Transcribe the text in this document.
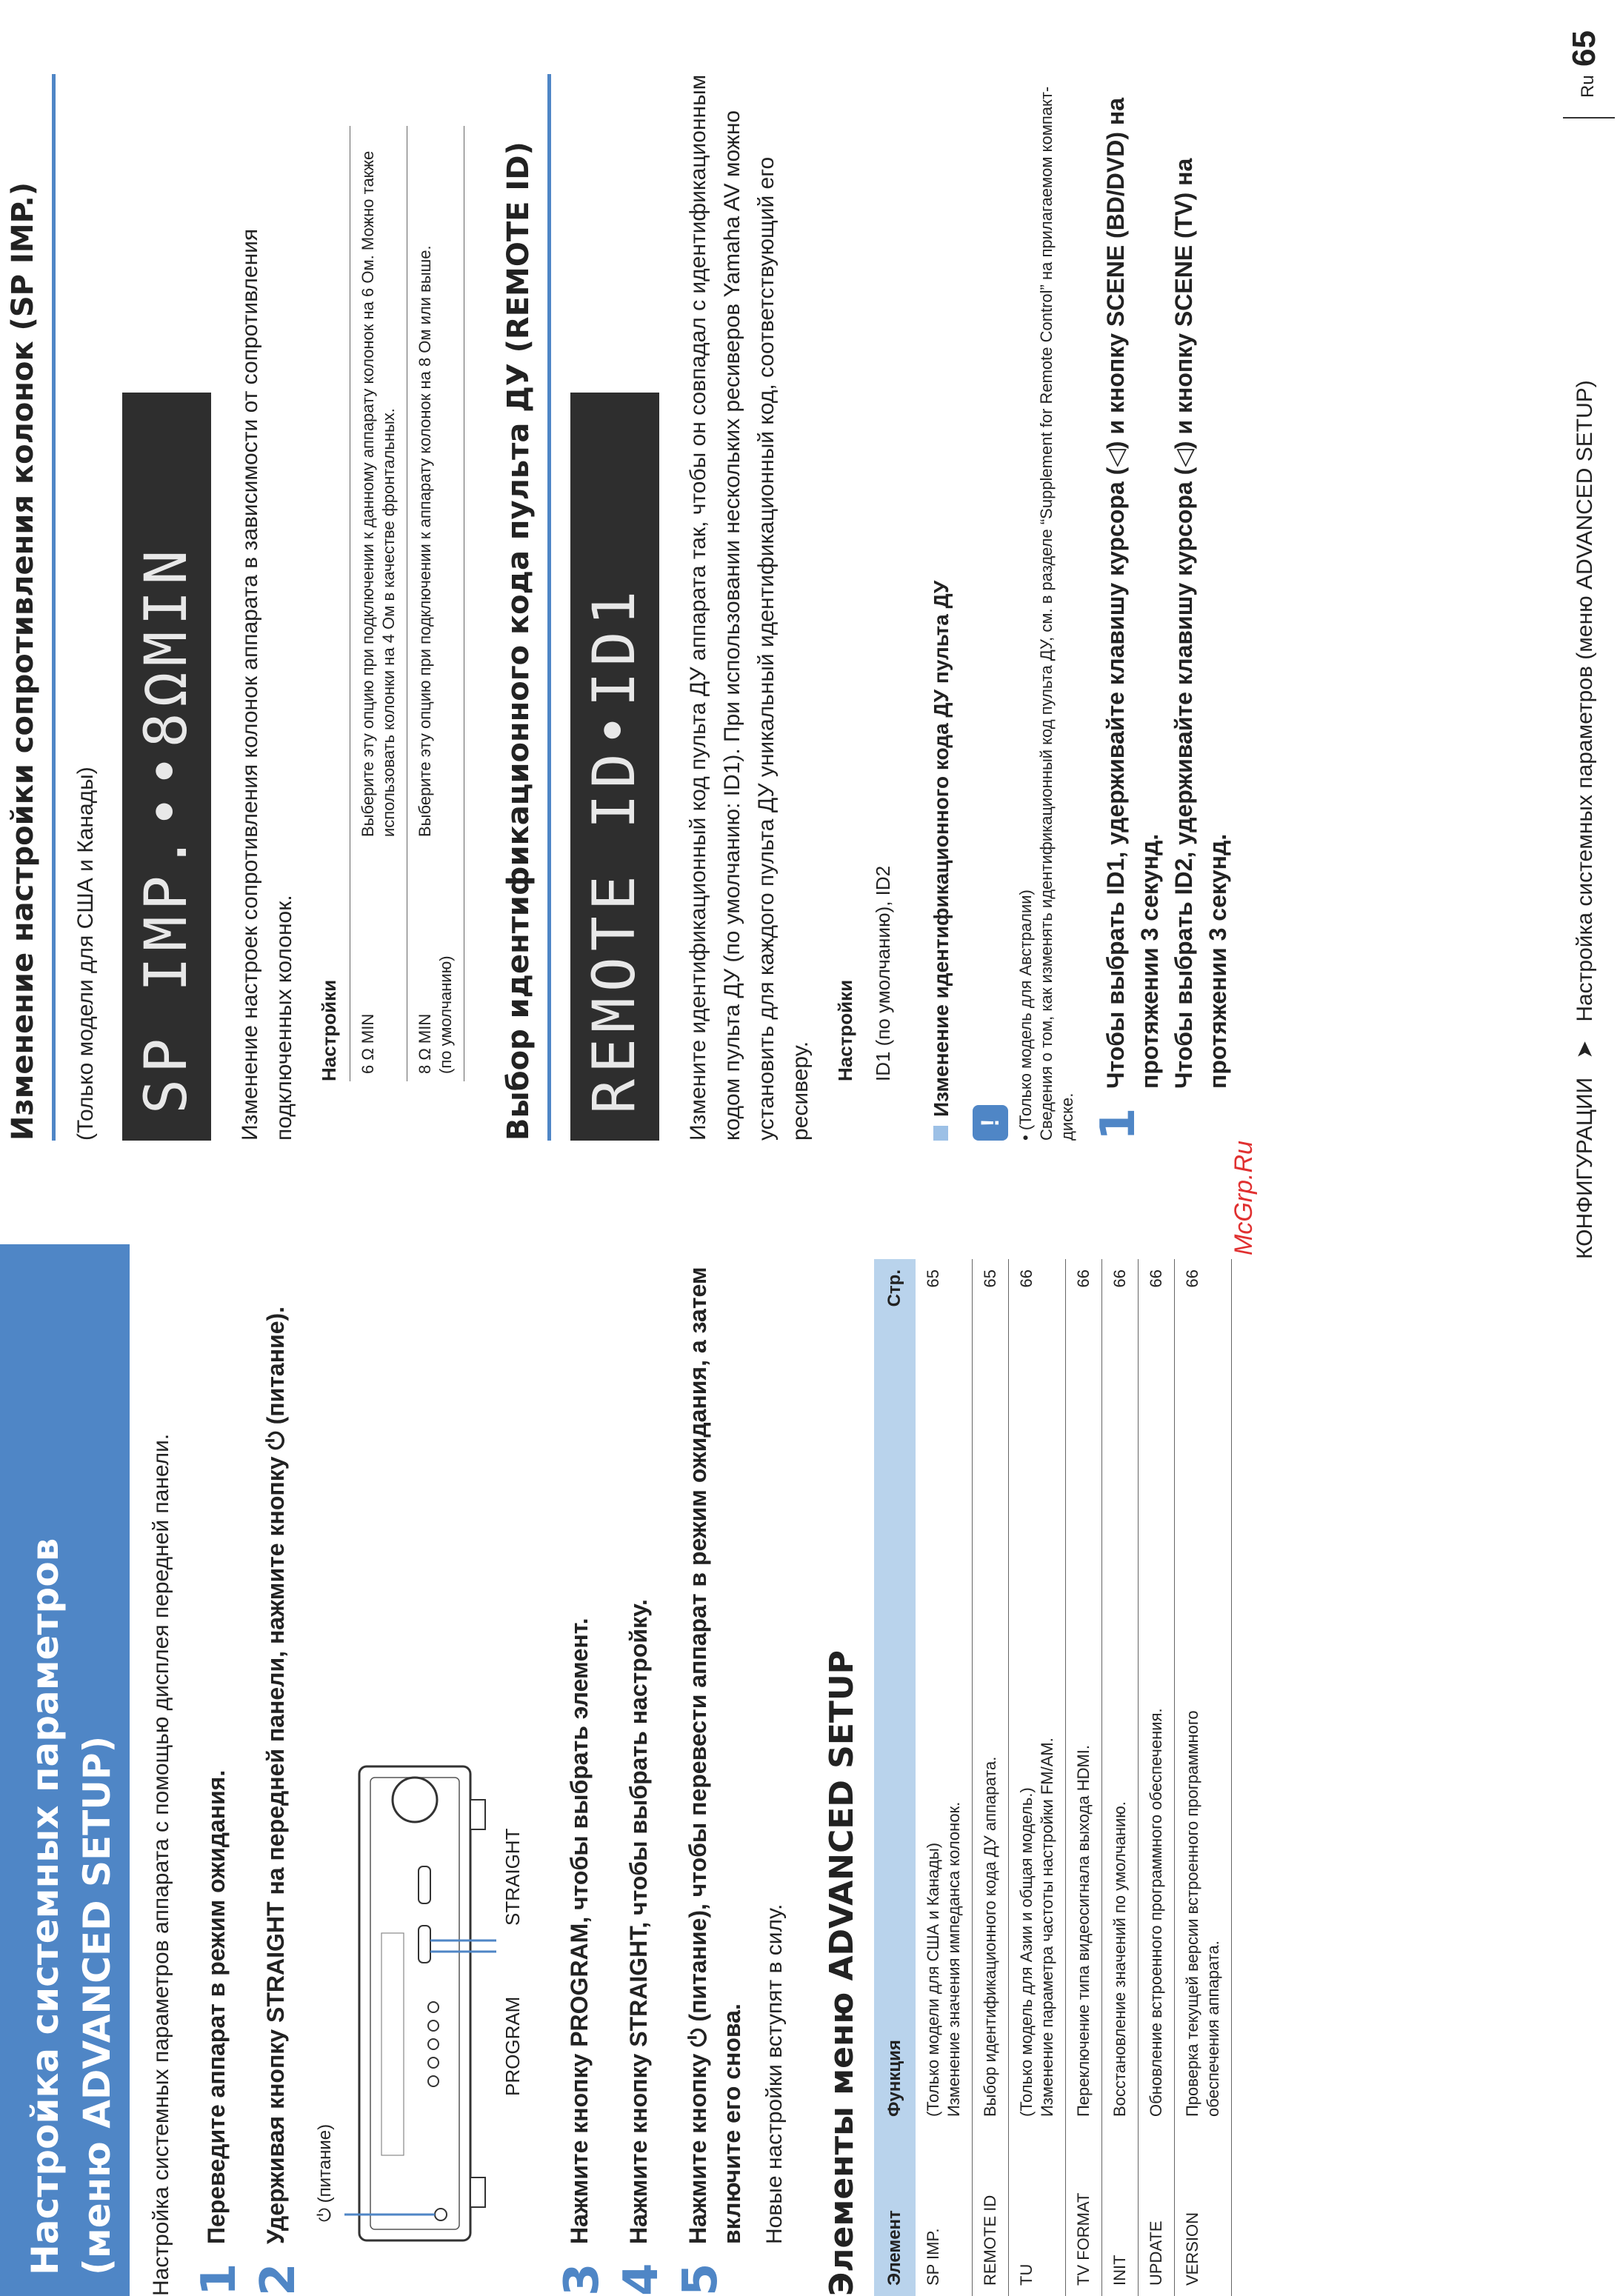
Настройка системных параметров (меню ADVANCED SETUP) Настройка системных параметров аппарата с помощью дисплея передней панели. 1
Переведите аппарат в режим ожидания.
2
Удерживая кнопку STRAIGHT на передней панели, нажмите кнопку ⏻ (питание). ⏻ (питание)
PROGRAM
STRAIGHT
3
Нажмите кнопку PROGRAM, чтобы выбрать элемент.
4
Нажмите кнопку STRAIGHT, чтобы выбрать настройку.
5
Нажмите кнопку ⏻ (питание), чтобы перевести аппарат в режим ожидания, а затем включите его снова. Новые настройки вступят в силу. Элементы меню ADVANCED SETUP Элемент	Функция	Стр.
SP IMP.	(Только модели для США и Канады) Изменение значения импеданса колонок.	65
REMOTE ID	Выбор идентификационного кода ДУ аппарата.	65
TU	(Только модель для Азии и общая модель.) Изменение параметра частоты настройки FM/AM.	66
TV FORMAT	Переключение типа видеосигнала выхода HDMI.	66
INIT	Восстановление значений по умолчанию.	66
UPDATE	Обновление встроенного программного обеспечения.	66
VERSION	Проверка текущей версии встроенного программного обеспечения аппарата.	66
Изменение настройки сопротивления колонок (SP IMP.)	(Только модели для США и Канады) SP IMP.••8ΩMIN	Изменение настроек сопротивления колонок аппарата в зависимости от сопротивления подключенных колонок. Настройки 6 Ω MIN	Выберите эту опцию при подключении к данному аппарату колонок на 6 Ом. Можно также использовать колонки на 4 Ом в качестве фронтальных.

8 Ω MIN (по умолчанию)	Выберите эту опцию при подключении к аппарату колонок на 8 Ом или выше. Выбор идентификационного кода пульта ДУ (REMOTE ID) REMOTE ID•ID1	Измените идентификационный код пульта ДУ аппарата так, чтобы он совпадал с идентификационным кодом пульта ДУ (по умолчанию: ID1). При использовании нескольких ресиверов Yamaha AV можно установить для каждого пульта ДУ уникальный идентификационный код, соответствующий его ресиверу.
Настройки ID1 (по умолчанию), ID2 Изменение идентификационного кода ДУ пульта ДУ
!
• (Только модель для Австралии) Сведения о том, как изменять идентификационный код пульта ДУ, см. в разделе “Supplement for Remote Control” на прилагаемом компакт-диске. 1
Чтобы выбрать ID1, удерживайте клавишу курсора (◁) и кнопку SCENE (BD/DVD) на протяжении 3 секунд. Чтобы выбрать ID2, удерживайте клавишу курсора (◁) и кнопку SCENE (TV) на протяжении 3 секунд.
McGrp.Ru	КОНФИГУРАЦИИ   ➤   Настройка системных параметров (меню ADVANCED SETUP)
Ru
65
